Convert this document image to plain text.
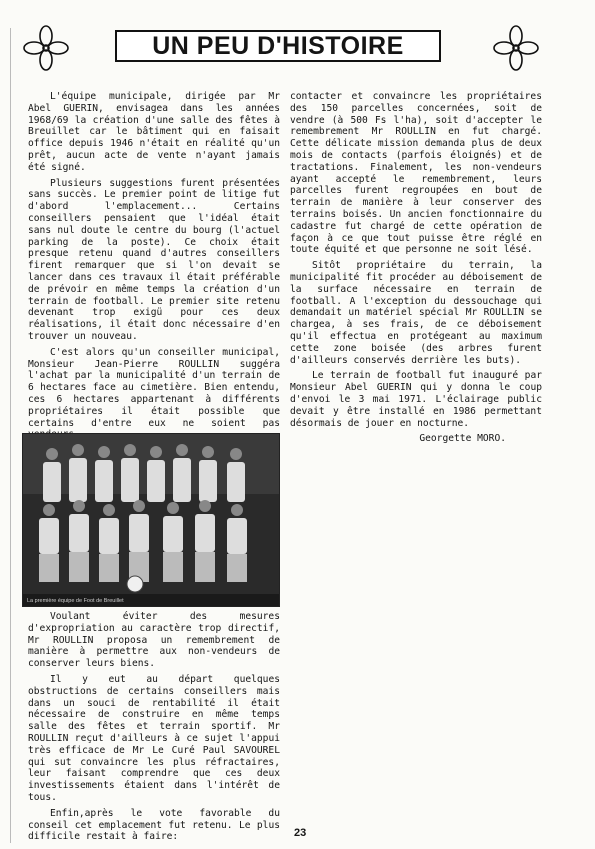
UN PEU D'HISTOIRE

L'équipe municipale, dirigée par Mr Abel GUERIN, envisagea dans les années 1968/69 la création d'une salle des fêtes à Breuillet car le bâtiment qui en faisait office depuis 1946 n'était en réalité qu'un prêt, aucun acte de vente n'ayant jamais été signé.

Plusieurs suggestions furent présentées sans succès. Le premier point de litige fut d'abord l'emplacement... Certains conseillers pensaient que l'idéal était sans nul doute le centre du bourg (l'actuel parking de la poste). Ce choix était presque retenu quand d'autres conseillers firent remarquer que si l'on devait se lancer dans ces travaux il était préférable de prévoir en même temps la création d'un terrain de football. Le premier site retenu devenant trop exigü pour ces deux réalisations, il était donc nécessaire d'en trouver un nouveau.

C'est alors qu'un conseiller municipal, Monsieur Jean-Pierre ROULLIN suggéra l'achat par la municipalité d'un terrain de 6 hectares face au cimetière. Bien entendu, ces 6 hectares appartenant à différents propriétaires il était possible que certains d'entre eux ne soient pas

La première équipe de Foot de Breuillet

Voulant éviter des mesures d'expropriation au caractère trop directif, Mr ROULLIN proposa un remembrement de manière à permettre aux non-vendeurs de conserver leurs biens.

Il y eut au départ quelques obstructions de certains conseillers mais dans un souci de rentabilité il était nécessaire de construire en même temps salle des fêtes et terrain sportif. Mr ROULLIN reçut d'ailleurs à ce sujet l'appui très efficace de Mr Le Curé Paul SAVOUREL qui sut convaincre les plus réfractaires, leur faisant comprendre que ces deux investissements étaient dans l'intérêt de tous.

Enfin,après le vote favorable du conseil cet emplacement fut retenu. Le plus difficile restait à faire:

contacter et convaincre les propriétaires des 150 parcelles concernées, soit de vendre (à 500 Fs l'ha), soit d'accepter le remembrement Mr ROULLIN en fut chargé. Cette délicate mission demanda plus de deux mois de contacts (parfois éloignés) et de tractations. Finalement, les non-vendeurs ayant accepté le remembrement, leurs parcelles furent regroupées en bout de terrain de manière à leur conserver des terrains boisés. Un ancien fonctionnaire du cadastre fut chargé de cette opération de façon à ce que tout puisse être réglé en toute équité et que personne ne soit lésé.

Sitôt propriétaire du terrain, la municipalité fit procéder au déboisement de la surface nécessaire en terrain de football. A l'exception du dessouchage qui demandait un matériel spécial Mr ROULLIN se chargea, à ses frais, de ce déboisement qu'il effectua en protégeant au maximum cette zone boisée (des arbres furent d'ailleurs conservés derrière les buts).

Le terrain de football fut inauguré par Monsieur Abel GUERIN qui y donna le coup d'envoi le 3 mai 1971. L'éclairage public devait y être installé en 1986 permettant désormais de jouer en nocturne.

Georgette MORO.
23
